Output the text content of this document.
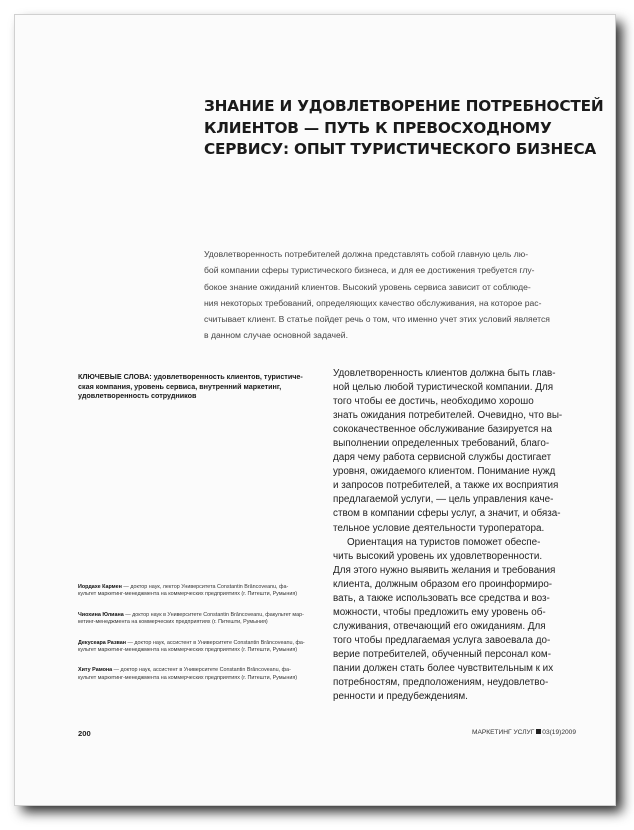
ЗНАНИЕ И УДОВЛЕТВОРЕНИЕ ПОТРЕБНОСТЕЙ
КЛИЕНТОВ — ПУТЬ К ПРЕВОСХОДНОМУ
СЕРВИСУ: ОПЫТ ТУРИСТИЧЕСКОГО БИЗНЕСА
Удовлетворенность потребителей должна представлять собой главную цель лю-
бой компании сферы туристического бизнеса, и для ее достижения требуется глу-
бокое знание ожиданий клиентов. Высокий уровень сервиса зависит от соблюде-
ния некоторых требований, определяющих качество обслуживания, на которое рас-
считывает клиент. В статье пойдет речь о том, что именно учет этих условий является
в данном случае основной задачей.
КЛЮЧЕВЫЕ СЛОВА: удовлетворенность клиентов, туристиче-
ская компания, уровень сервиса, внутренний маркетинг,
удовлетворенность сотрудников
Удовлетворенность клиентов должна быть глав-
ной целью любой туристической компании. Для
того чтобы ее достичь, необходимо хорошо
знать ожидания потребителей. Очевидно, что вы-
сококачественное обслуживание базируется на
выполнении определенных требований, благо-
даря чему работа сервисной службы достигает
уровня, ожидаемого клиентом. Понимание нужд
и запросов потребителей, а также их восприятия
предлагаемой услуги, — цель управления каче-
ством в компании сферы услуг, а значит, и обяза-
тельное условие деятельности туроператора.
Ориентация на туристов поможет обеспе-
чить высокий уровень их удовлетворенности.
Для этого нужно выявить желания и требования
клиента, должным образом его проинформиро-
вать, а также использовать все средства и воз-
можности, чтобы предложить ему уровень об-
служивания, отвечающий его ожиданиям. Для
того чтобы предлагаемая услуга завоевала до-
верие потребителей, обученный персонал ком-
пании должен стать более чувствительным к их
потребностям, предположениям, неудовлетво-
ренности и предубеждениям.
Иордахе Кармен — доктор наук, лектор Университета Constantin Brâncoveanu, фа-
культет маркетинг-менеджмента на коммерческих предприятиях (г. Питешти, Румыния)
Чиохина Юлиана — доктор наук в Университете Constantin Brâncoveanu, факультет мар-
кетинг-менеджмента на коммерческих предприятиях (г. Питешти, Румыния)
Декусеара Разван — доктор наук, ассистент в Университете Constantin Brâncoveanu, фа-
культет маркетинг-менеджмента на коммерческих предприятиях (г. Питешти, Румыния)
Хиту Рамона — доктор наук, ассистент в Университете Constantin Brâncoveanu, фа-
культет маркетинг-менеджмента на коммерческих предприятиях (г. Питешти, Румыния)
200	МАРКЕТИНГ УСЛУГ 03(19)2009
